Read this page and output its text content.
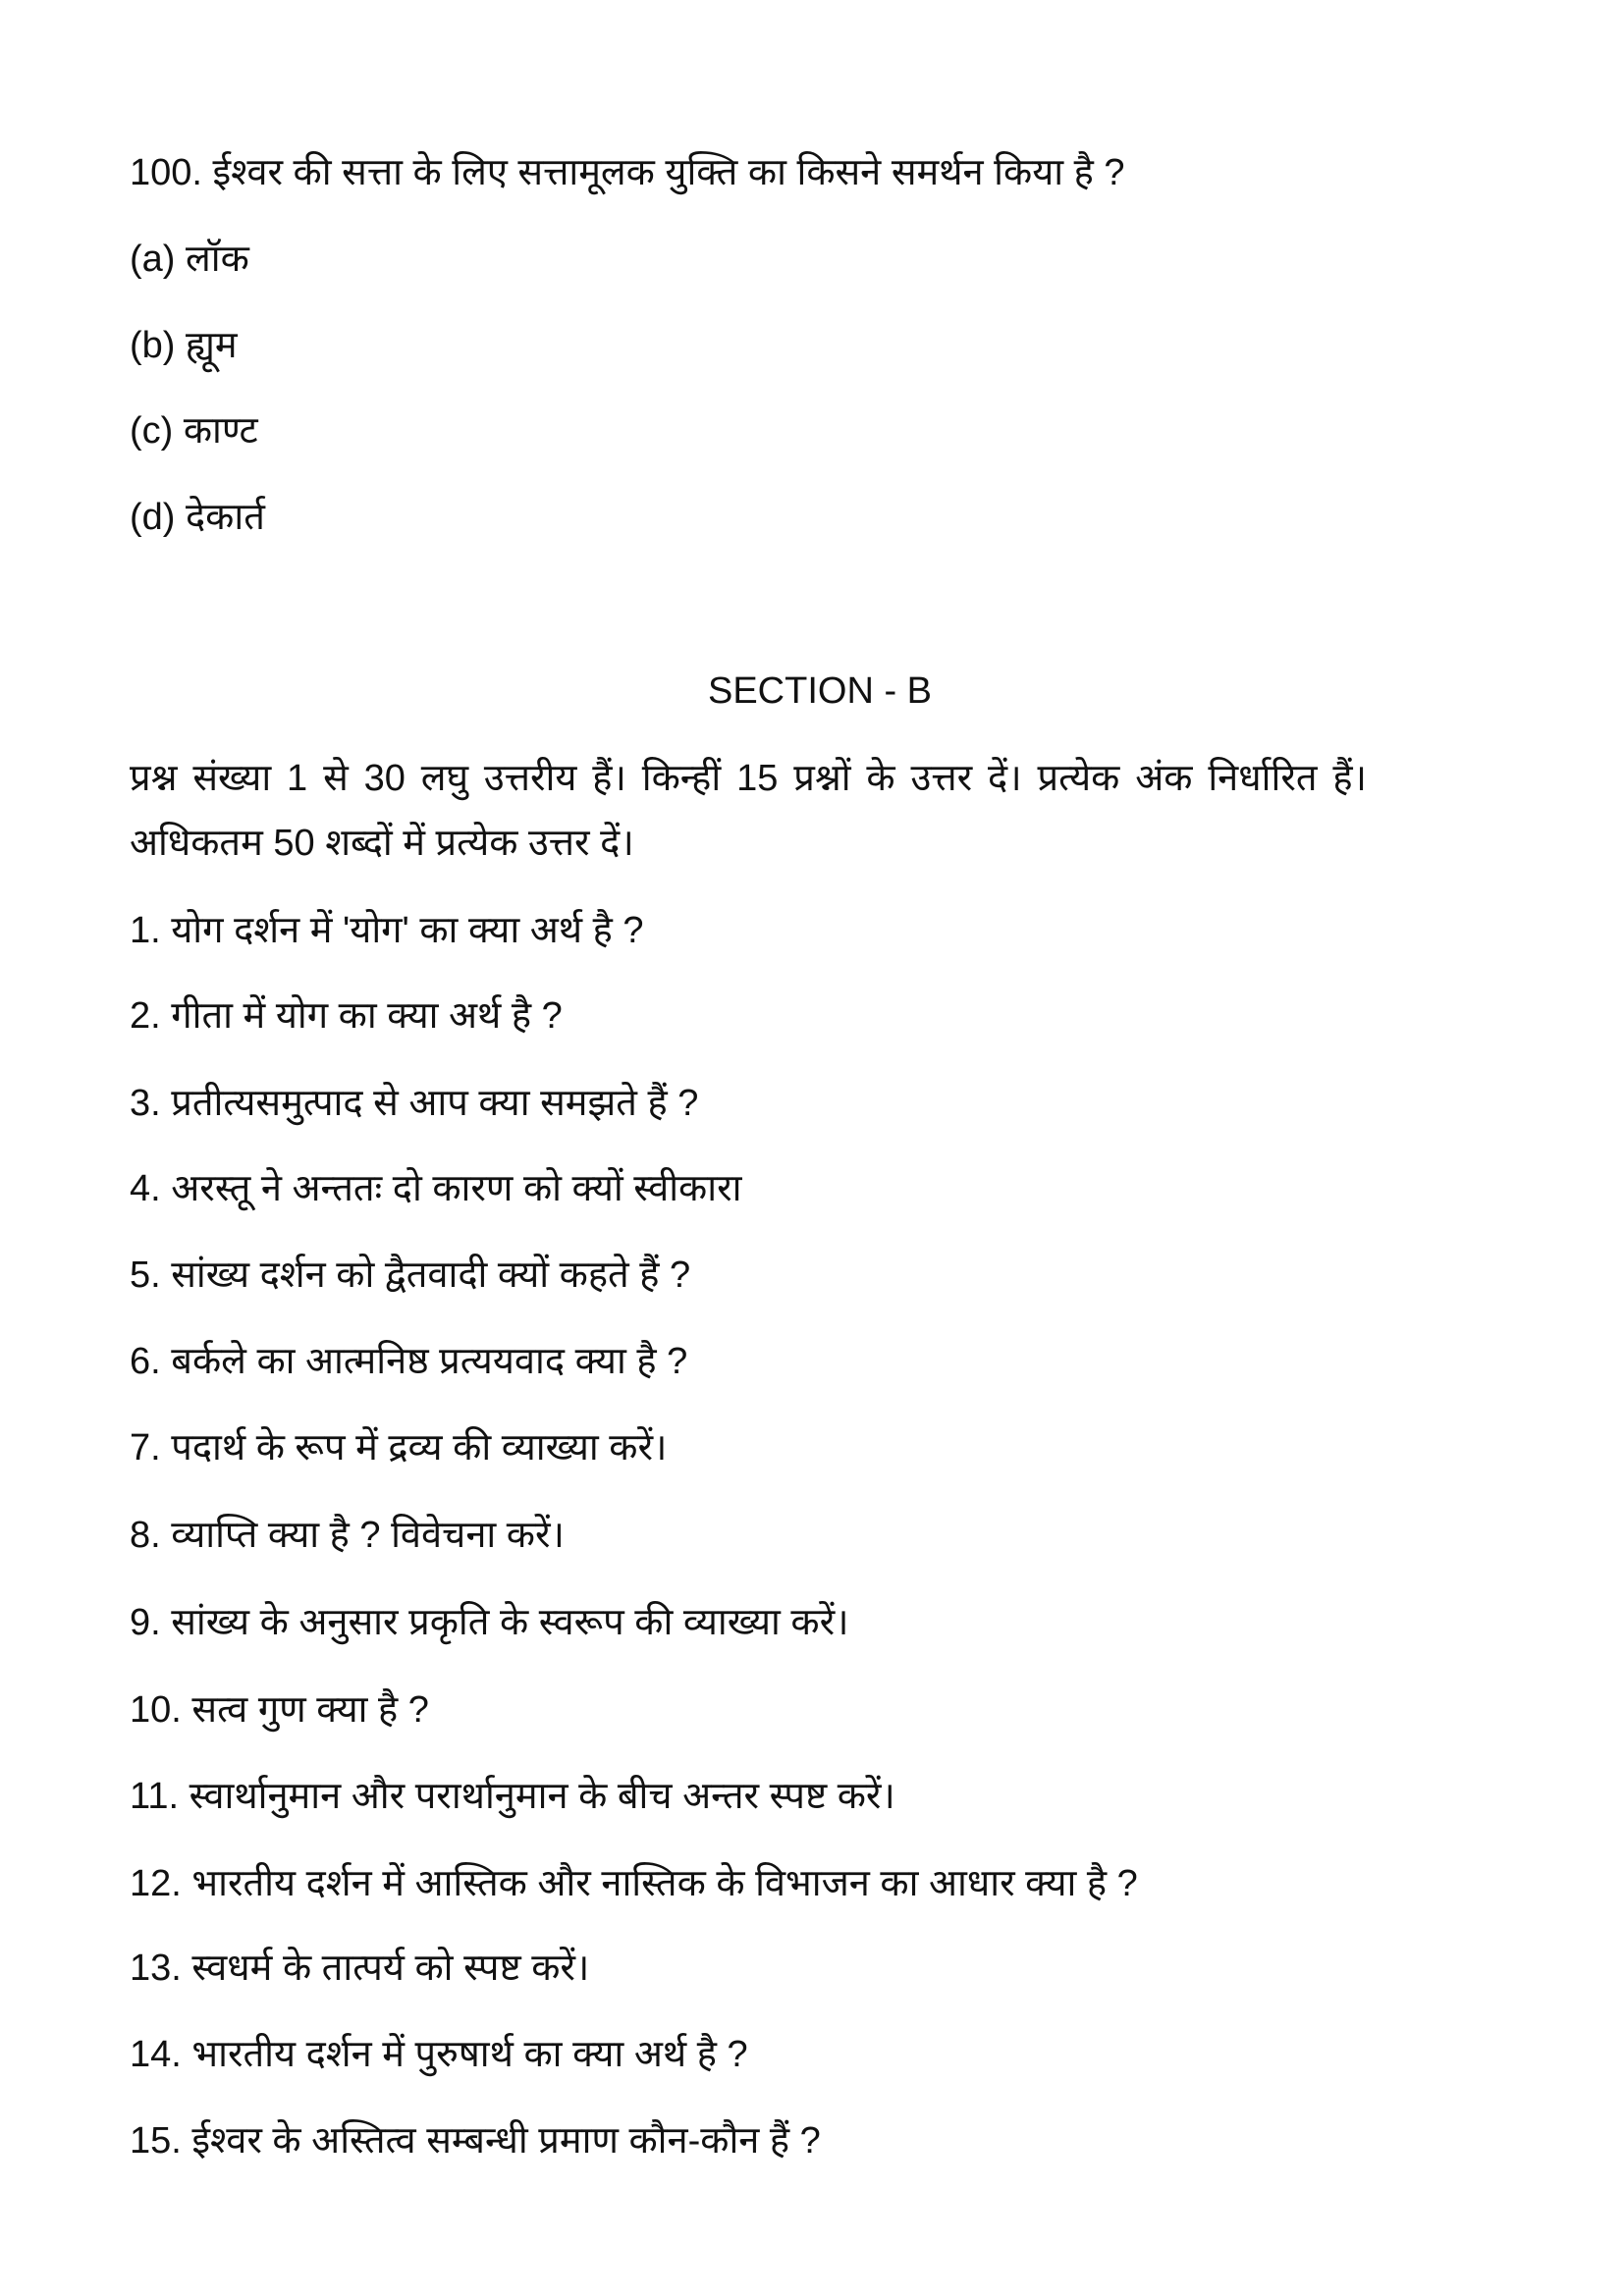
100. ईश्वर की सत्ता के लिए सत्तामूलक युक्ति का किसने समर्थन किया है ?
(a) लॉक
(b) ह्यूम
(c) काण्ट
(d) देकार्त
SECTION - B
प्रश्न संख्या 1 से 30 लघु उत्तरीय हैं। किन्हीं 15 प्रश्नों के उत्तर दें। प्रत्येक अंक निर्धारित हैं। अधिकतम 50 शब्दों में प्रत्येक उत्तर दें।
1. योग दर्शन में 'योग' का क्या अर्थ है ?
2. गीता में योग का क्या अर्थ है ?
3. प्रतीत्यसमुत्पाद से आप क्या समझते हैं ?
4. अरस्तू ने अन्ततः दो कारण को क्यों स्वीकारा
5. सांख्य दर्शन को द्वैतवादी क्यों कहते हैं ?
6. बर्कले का आत्मनिष्ठ प्रत्ययवाद क्या है ?
7. पदार्थ के रूप में द्रव्य की व्याख्या करें।
8. व्याप्ति क्या है ? विवेचना करें।
9. सांख्य के अनुसार प्रकृति के स्वरूप की व्याख्या करें।
10. सत्व गुण क्या है ?
11. स्वार्थानुमान और परार्थानुमान के बीच अन्तर स्पष्ट करें।
12. भारतीय दर्शन में आस्तिक और नास्तिक के विभाजन का आधार क्या है ?
13. स्वधर्म के तात्पर्य को स्पष्ट करें।
14. भारतीय दर्शन में पुरुषार्थ का क्या अर्थ है ?
15. ईश्वर के अस्तित्व सम्बन्धी प्रमाण कौन-कौन हैं ?
